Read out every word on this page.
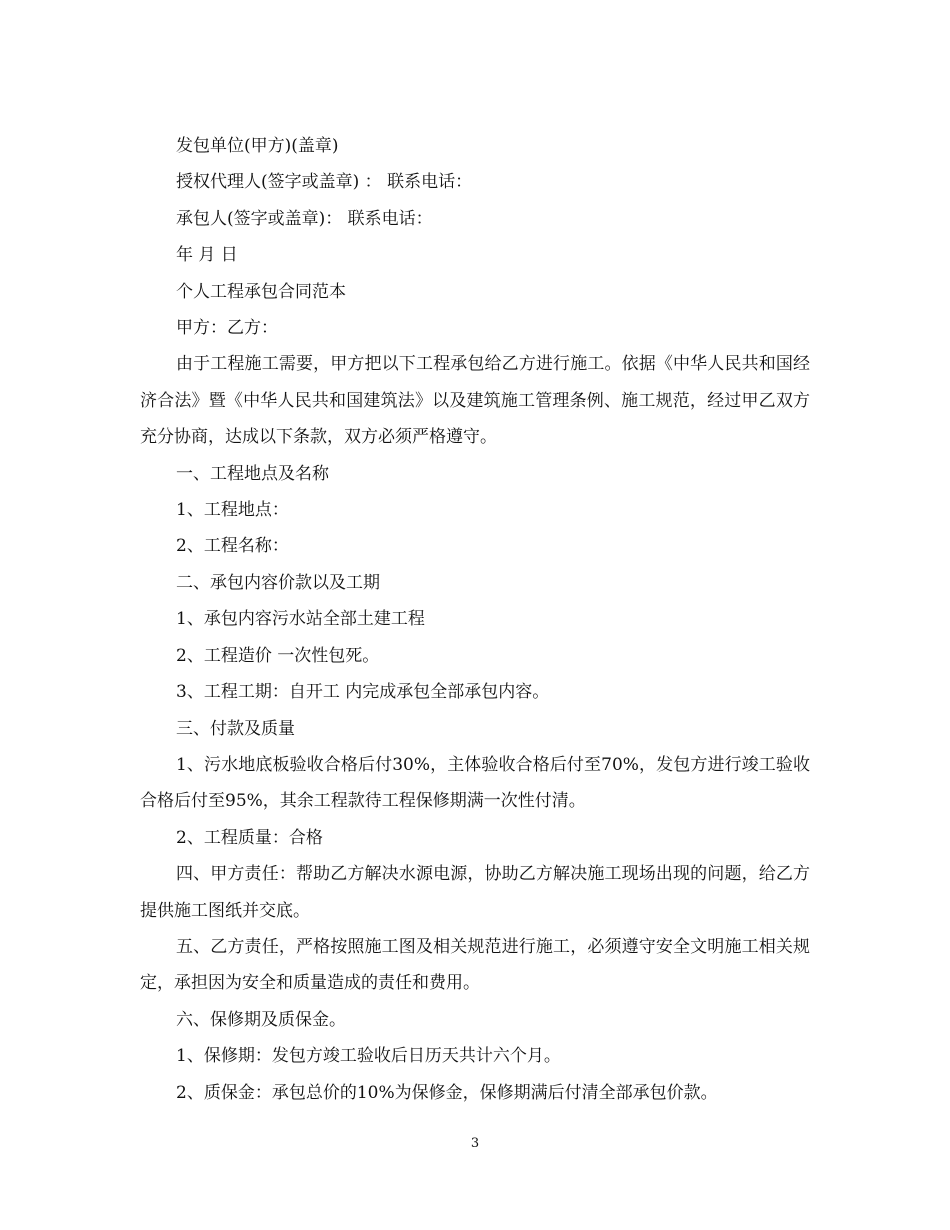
发包单位(甲方)(盖章)

授权代理人(签字或盖章) ： 联系电话：

承包人(签字或盖章)： 联系电话：

年 月 日

个人工程承包合同范本

甲方：乙方：

由于工程施工需要，甲方把以下工程承包给乙方进行施工。依据《中华人民共和国经济合法》暨《中华人民共和国建筑法》以及建筑施工管理条例、施工规范，经过甲乙双方充分协商，达成以下条款，双方必须严格遵守。

一、工程地点及名称

1、工程地点：

2、工程名称：

二、承包内容价款以及工期

1、承包内容污水站全部土建工程

2、工程造价 一次性包死。

3、工程工期：自开工 内完成承包全部承包内容。

三、付款及质量

1、污水地底板验收合格后付30%，主体验收合格后付至70%，发包方进行竣工验收合格后付至95%，其余工程款待工程保修期满一次性付清。

2、工程质量：合格

四、甲方责任：帮助乙方解决水源电源，协助乙方解决施工现场出现的问题，给乙方提供施工图纸并交底。

五、乙方责任，严格按照施工图及相关规范进行施工，必须遵守安全文明施工相关规定，承担因为安全和质量造成的责任和费用。

六、保修期及质保金。

1、保修期：发包方竣工验收后日历天共计六个月。

2、质保金：承包总价的10%为保修金，保修期满后付清全部承包价款。

3
